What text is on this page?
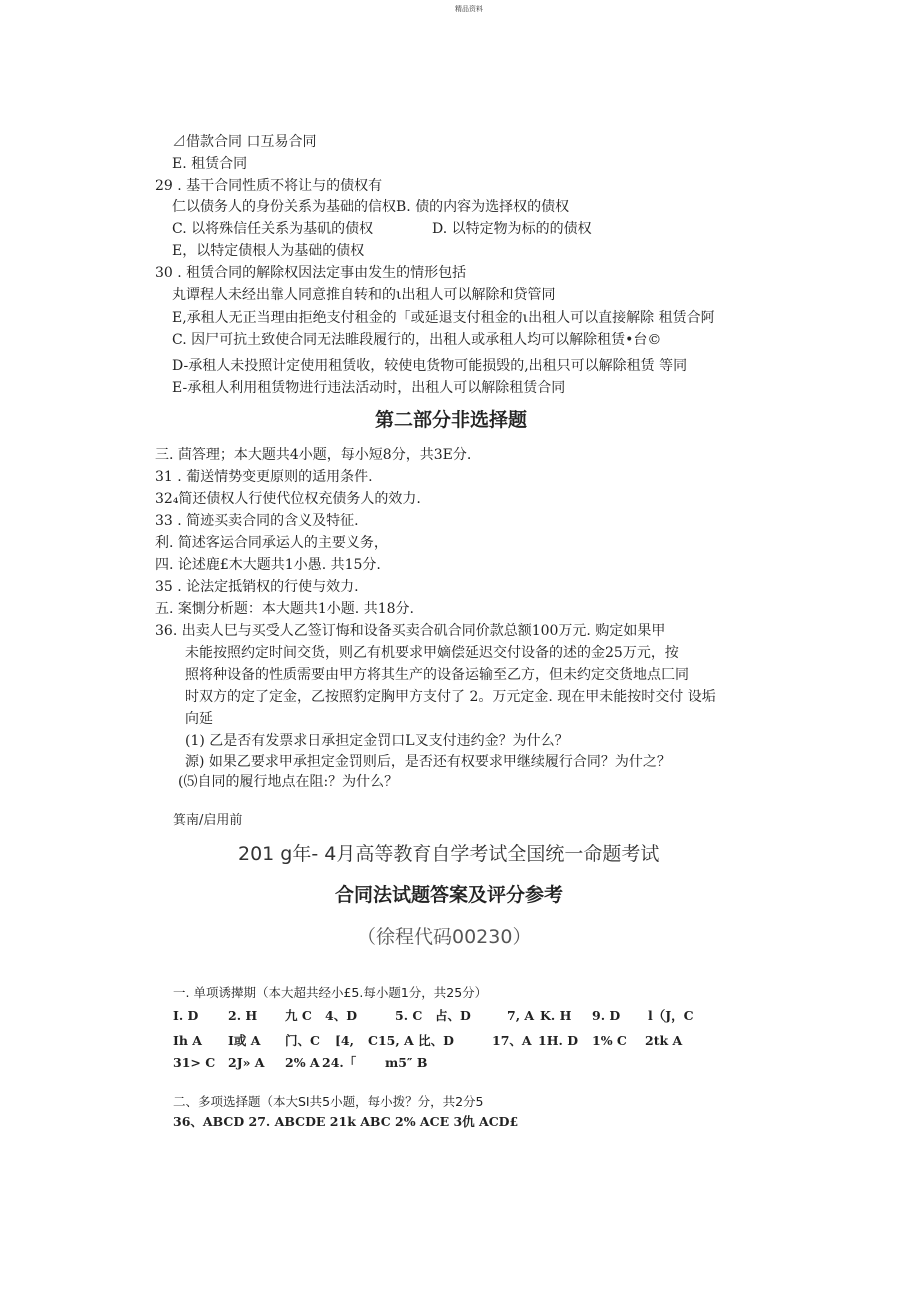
精品资料
⊿借款合同 口互易合同
E. 租赁合同
29 . 基干合同性质不将让与的债权有
仁以债务人的身份关系为基础的信权B. 债的内容为选择权的债权
C. 以将殊信任关系为基矶的债权	D. 以特定物为标的的债权
E，以特定债根人为基础的债权
30 . 租赁合同的解除权因法定事由发生的情形包括
丸谭程人未经出靠人同意推自转和的ι出租人可以解除和贷管同
E,承租人无正当理由拒绝支付租金的「或延退支付租金的ι出租人可以直接解除 租赁合阿
C. 因尸可抗土致使合同无法睢段履行的，出租人或承租人均可以解除租赁•台©
D-承租人未投照计定使用租赁收，较使电货物可能损毁的,出租只可以解除租赁 等同
E-承租人利用租赁物进行违法活动时，出租人可以解除租赁合同
第二部分非选择题
三. 茴答理；本大题共4小题，每小短8分，共3E分.
31 . 葡送情势变更原则的适用条件.
32₄简还债权人行使代位权充债务人的效力.
33 . 简迹买卖合同的含义及特征.
利. 简述客运合同承运人的主要义务，
四. 论述鹿£木大题共1小愚. 共15分.
35 . 论法定抵销权的行使与效力.
五. 案惻分析题：本大题共1小题. 共18分.
36. 出卖人巳与买受人乙签订悔和设备买卖合矶合同价款总额100万元. 购定如果甲
未能按照约定时间交货，则乙有机要求甲嫡偿延迟交付设备的述的金25万元，按
照将种设备的性质需要由甲方将其生产的设备运输至乙方，但未约定交货地点匚同
时双方的定了定金，乙按照豹定胸甲方支付了 2。万元定金. 现在甲未能按时交付 设垢
向延
(1) 乙是否有发票求日承担定金罚口L叉支付违约金？为什么？
源) 如果乙要求甲承担定金罚则后，是否还有权要求甲继续履行合同？为什之？
(⑸自同的履行地点在阻:？为什么？
箕南/启用前
201 g年- 4月高等教育自学考试全国统一命题考试
合同法试题答案及评分参考
（徐程代码00230）
一. 单项诱撵期（本大超共经小£5.每小题1分，共25分）
I. D 2. H 九 C 4、D	5. C 占、D	7, A K. H 9. D l（J，C
Ih A I或 A 门、C [4, C15, A 比、D	17、A 1H. D 1% C 2tk A
31> C 2J» A 2% A 24.「 m5″ B
二、多项选择题（本大SI共5小题，每小拨？分，共2分5
36、ABCD 27. ABCDE 21k ABC 2% ACE 3仇 ACD£
